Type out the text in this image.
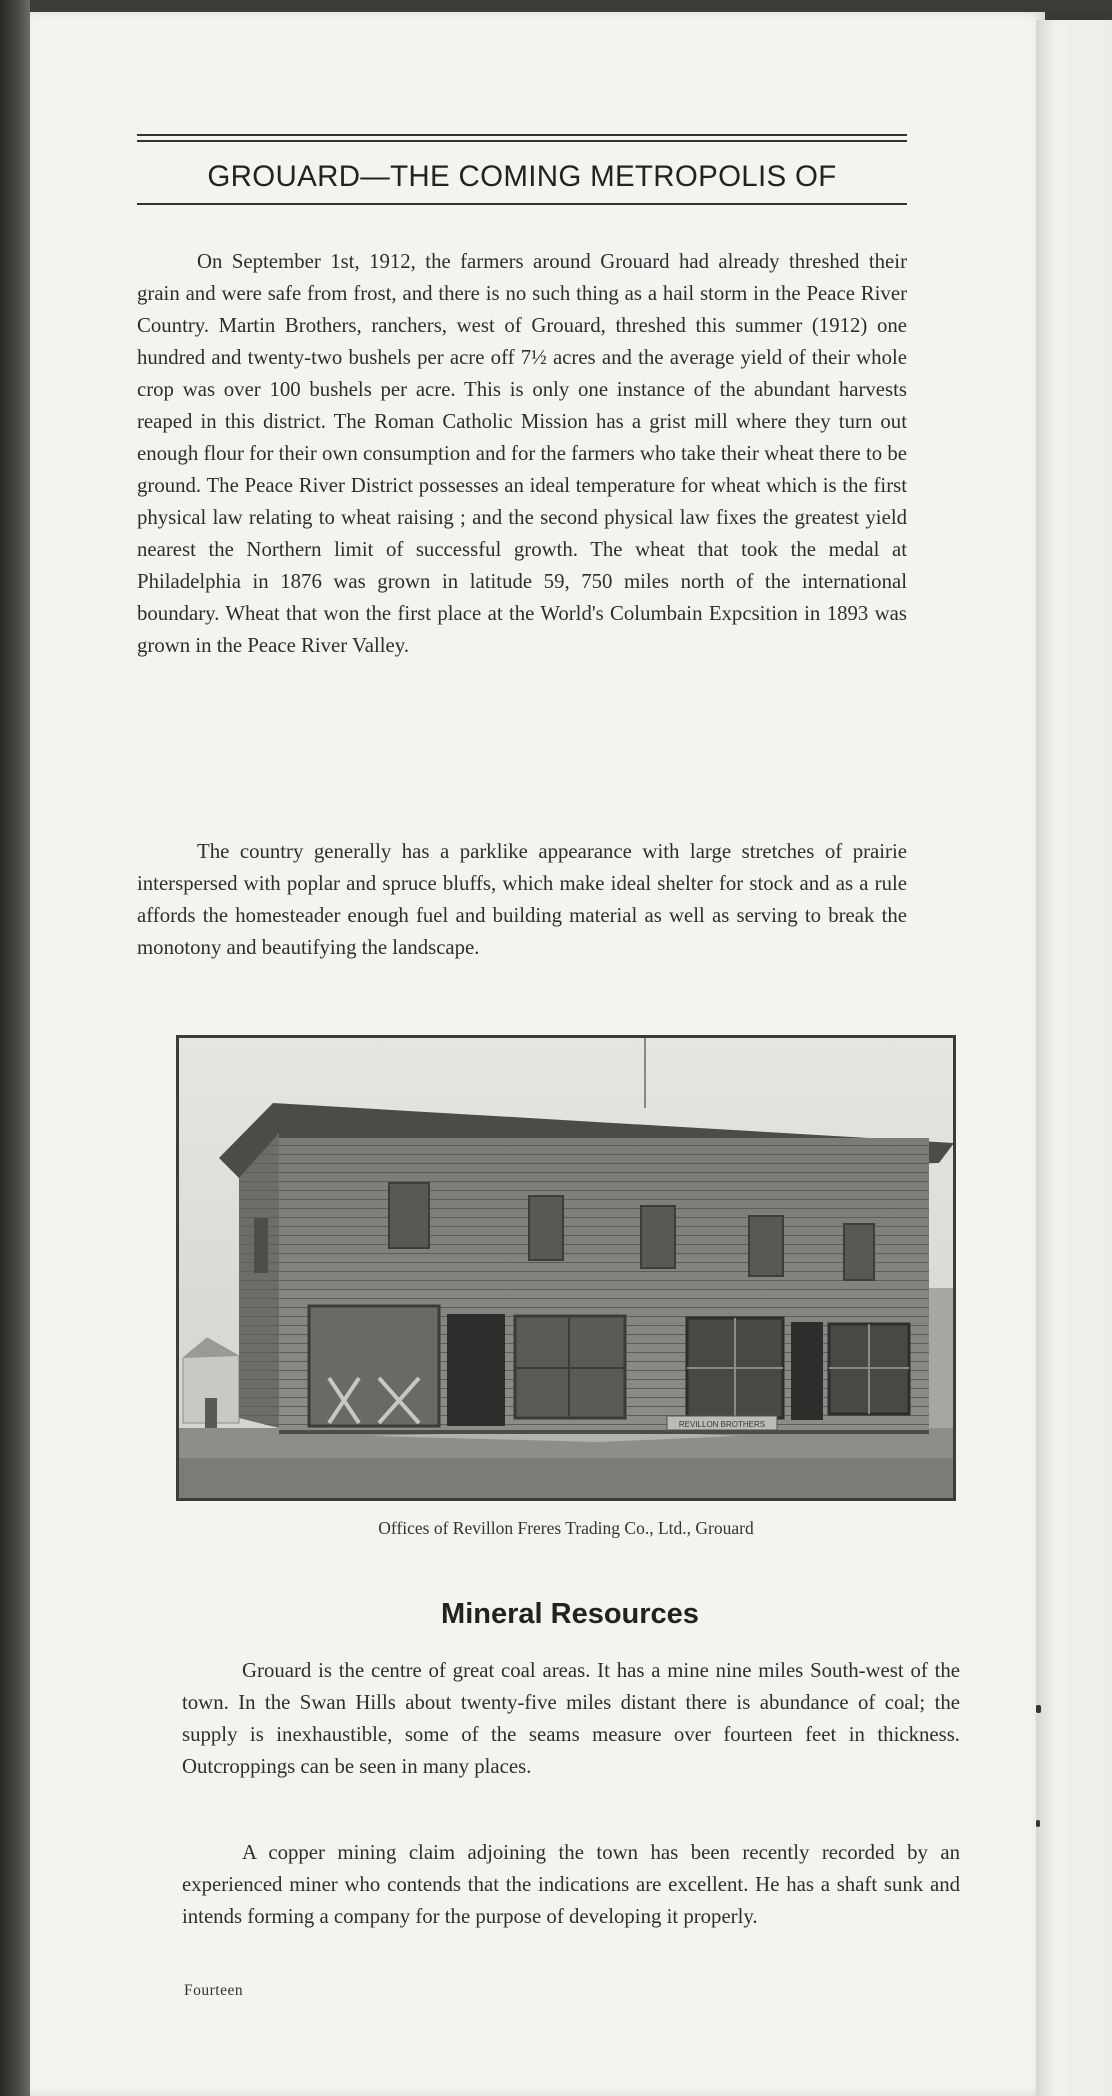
GROUARD—THE COMING METROPOLIS OF

On September 1st, 1912, the farmers around Grouard had already threshed their grain and were safe from frost, and there is no such thing as a hail storm in the Peace River Country. Martin Brothers, ranchers, west of Grouard, threshed this summer (1912) one hundred and twenty-two bushels per acre off 7½ acres and the average yield of their whole crop was over 100 bushels per acre. This is only one instance of the abundant harvests reaped in this district. The Roman Catholic Mission has a grist mill where they turn out enough flour for their own consumption and for the farmers who take their wheat there to be ground. The Peace River District possesses an ideal temperature for wheat which is the first physical law relating to wheat raising ; and the second physical law fixes the greatest yield nearest the Northern limit of successful growth. The wheat that took the medal at Philadelphia in 1876 was grown in latitude 59, 750 miles north of the international boundary. Wheat that won the first place at the World's Columbain Expcsition in 1893 was grown in the Peace River Valley.

The country generally has a parklike appearance with large stretches of prairie interspersed with poplar and spruce bluffs, which make ideal shelter for stock and as a rule affords the homesteader enough fuel and building material as well as serving to break the monotony and beautifying the landscape.

REVILLON BROTHERS
Offices of Revillon Freres Trading Co., Ltd., Grouard
Mineral Resources

Grouard is the centre of great coal areas. It has a mine nine miles South-west of the town. In the Swan Hills about twenty-five miles distant there is abundance of coal; the supply is inexhaustible, some of the seams measure over fourteen feet in thickness. Outcroppings can be seen in many places.

A copper mining claim adjoining the town has been recently recorded by an experienced miner who contends that the indications are excellent. He has a shaft sunk and intends forming a company for the purpose of developing it properly.

Fourteen
